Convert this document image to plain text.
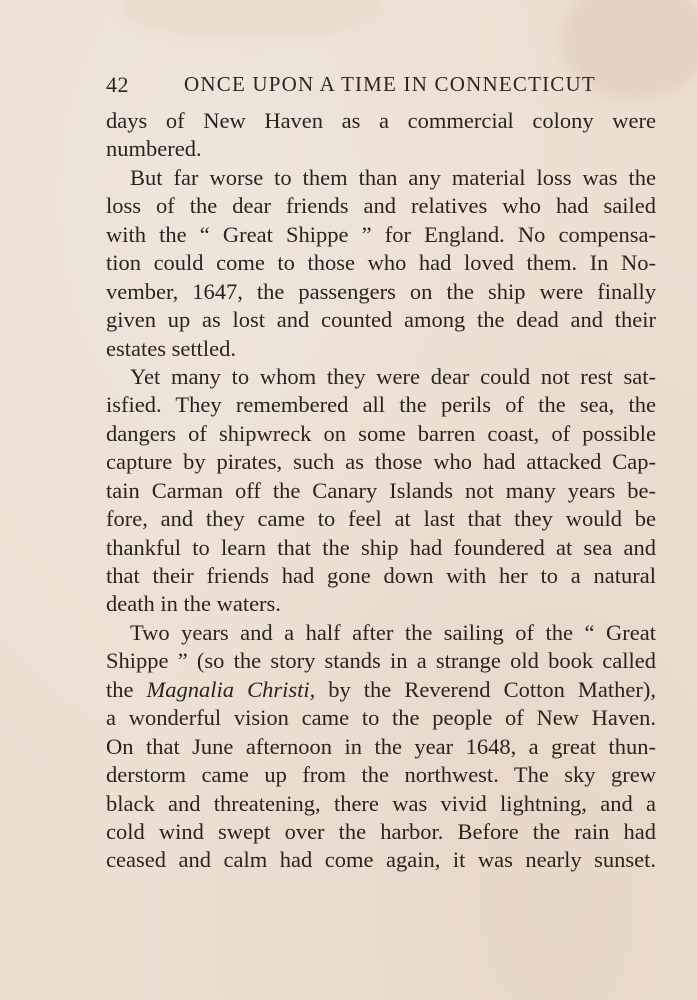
42	ONCE UPON A TIME IN CONNECTICUT
days of New Haven as a commercial colony were
numbered.
But far worse to them than any material loss was the
loss of the dear friends and relatives who had sailed
with the “ Great Shippe ” for England. No compensa-
tion could come to those who had loved them. In No-
vember, 1647, the passengers on the ship were finally
given up as lost and counted among the dead and their
estates settled.
Yet many to whom they were dear could not rest sat-
isfied. They remembered all the perils of the sea, the
dangers of shipwreck on some barren coast, of possible
capture by pirates, such as those who had attacked Cap-
tain Carman off the Canary Islands not many years be-
fore, and they came to feel at last that they would be
thankful to learn that the ship had foundered at sea and
that their friends had gone down with her to a natural
death in the waters.
Two years and a half after the sailing of the “ Great
Shippe ” (so the story stands in a strange old book called
the Magnalia Christi, by the Reverend Cotton Mather),
a wonderful vision came to the people of New Haven.
On that June afternoon in the year 1648, a great thun-
derstorm came up from the northwest. The sky grew
black and threatening, there was vivid lightning, and a
cold wind swept over the harbor. Before the rain had
ceased and calm had come again, it was nearly sunset.
